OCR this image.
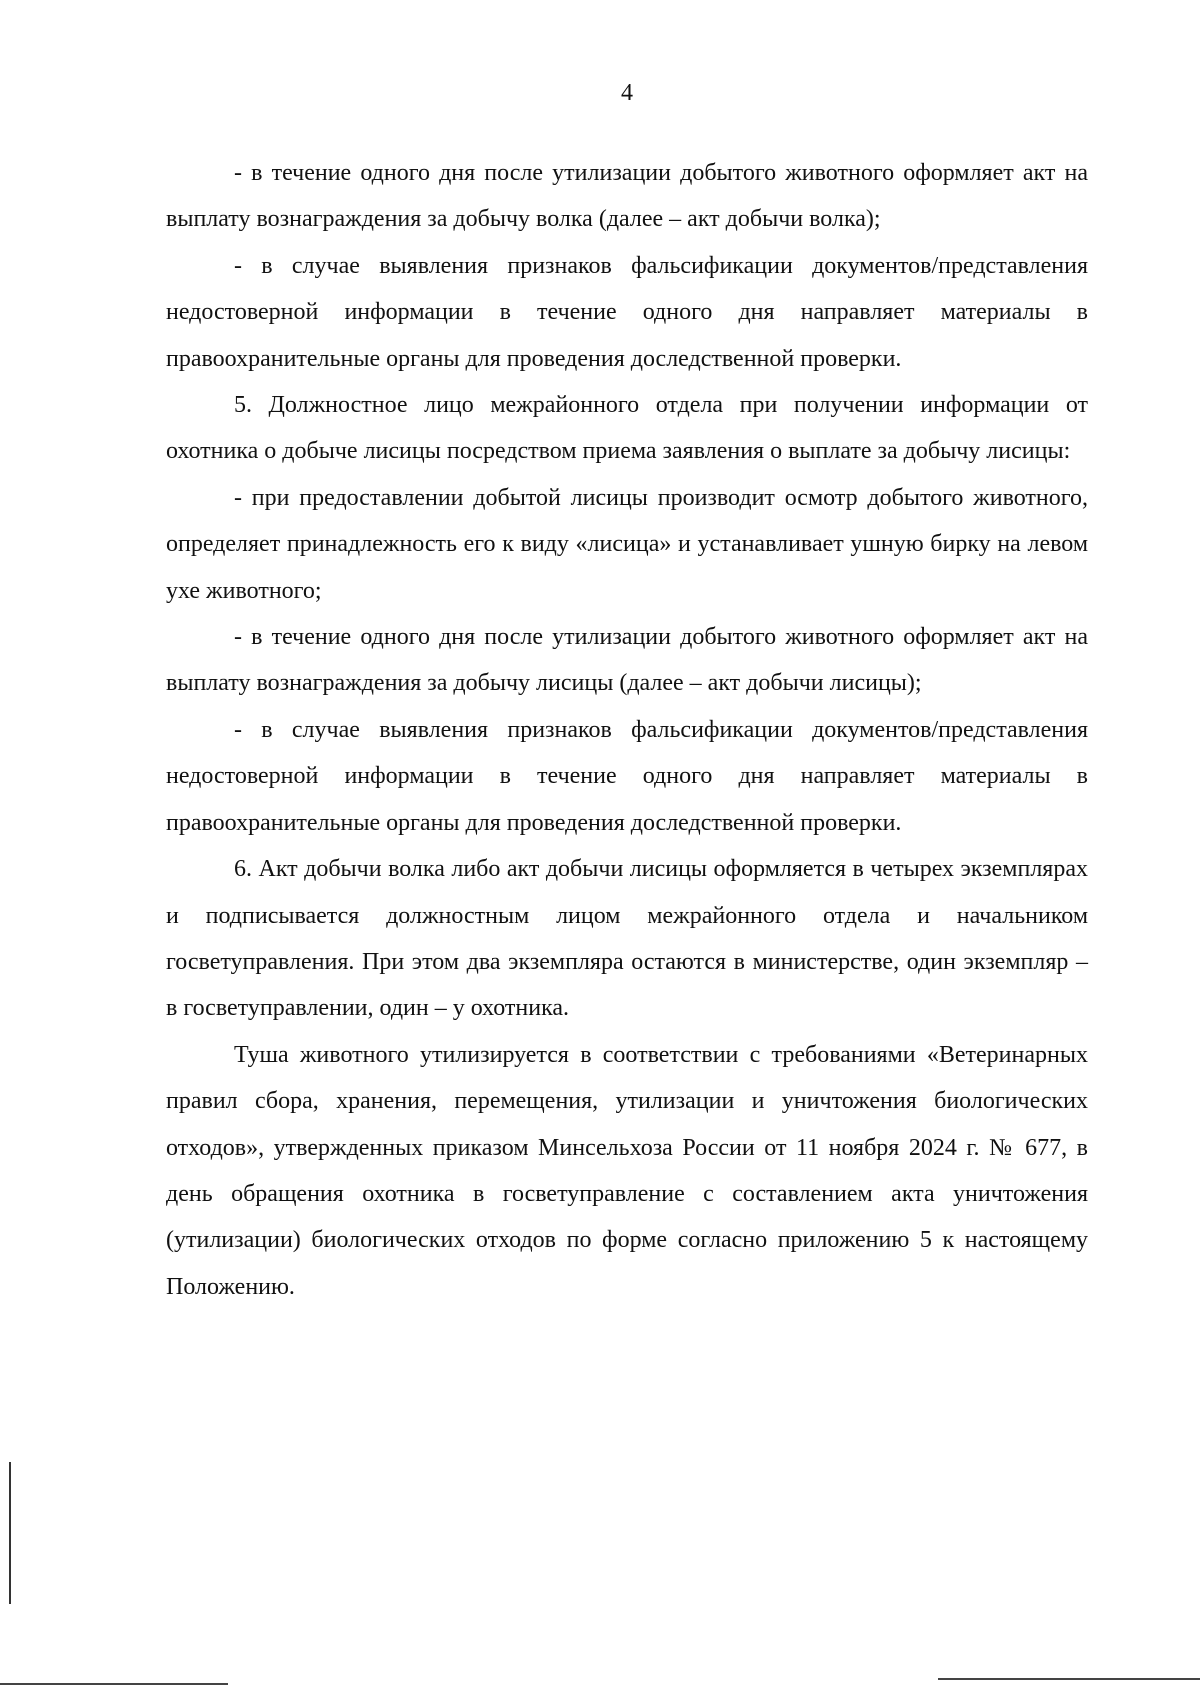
4

- в течение одного дня после утилизации добытого животного оформляет акт на выплату вознаграждения за добычу волка (далее – акт добычи волка);

- в случае выявления признаков фальсификации документов/представления недостоверной информации в течение одного дня направляет материалы в правоохранительные органы для проведения доследственной проверки.

5. Должностное лицо межрайонного отдела при получении информации от охотника о добыче лисицы посредством приема заявления о выплате за добычу лисицы:

- при предоставлении добытой лисицы производит осмотр добытого животного, определяет принадлежность его к виду «лисица» и устанавливает ушную бирку на левом ухе животного;

- в течение одного дня после утилизации добытого животного оформляет акт на выплату вознаграждения за добычу лисицы (далее – акт добычи лисицы);

- в случае выявления признаков фальсификации документов/представления недостоверной информации в течение одного дня направляет материалы в правоохранительные органы для проведения доследственной проверки.

6. Акт добычи волка либо акт добычи лисицы оформляется в четырех экземплярах и подписывается должностным лицом межрайонного отдела и начальником госветуправления. При этом два экземпляра остаются в министерстве, один экземпляр – в госветуправлении, один – у охотника.

Туша животного утилизируется в соответствии с требованиями «Ветеринарных правил сбора, хранения, перемещения, утилизации и уничтожения биологических отходов», утвержденных приказом Минсельхоза России от 11 ноября 2024 г. № 677, в день обращения охотника в госветуправление с составлением акта уничтожения (утилизации) биологических отходов по форме согласно приложению 5 к настоящему Положению.
